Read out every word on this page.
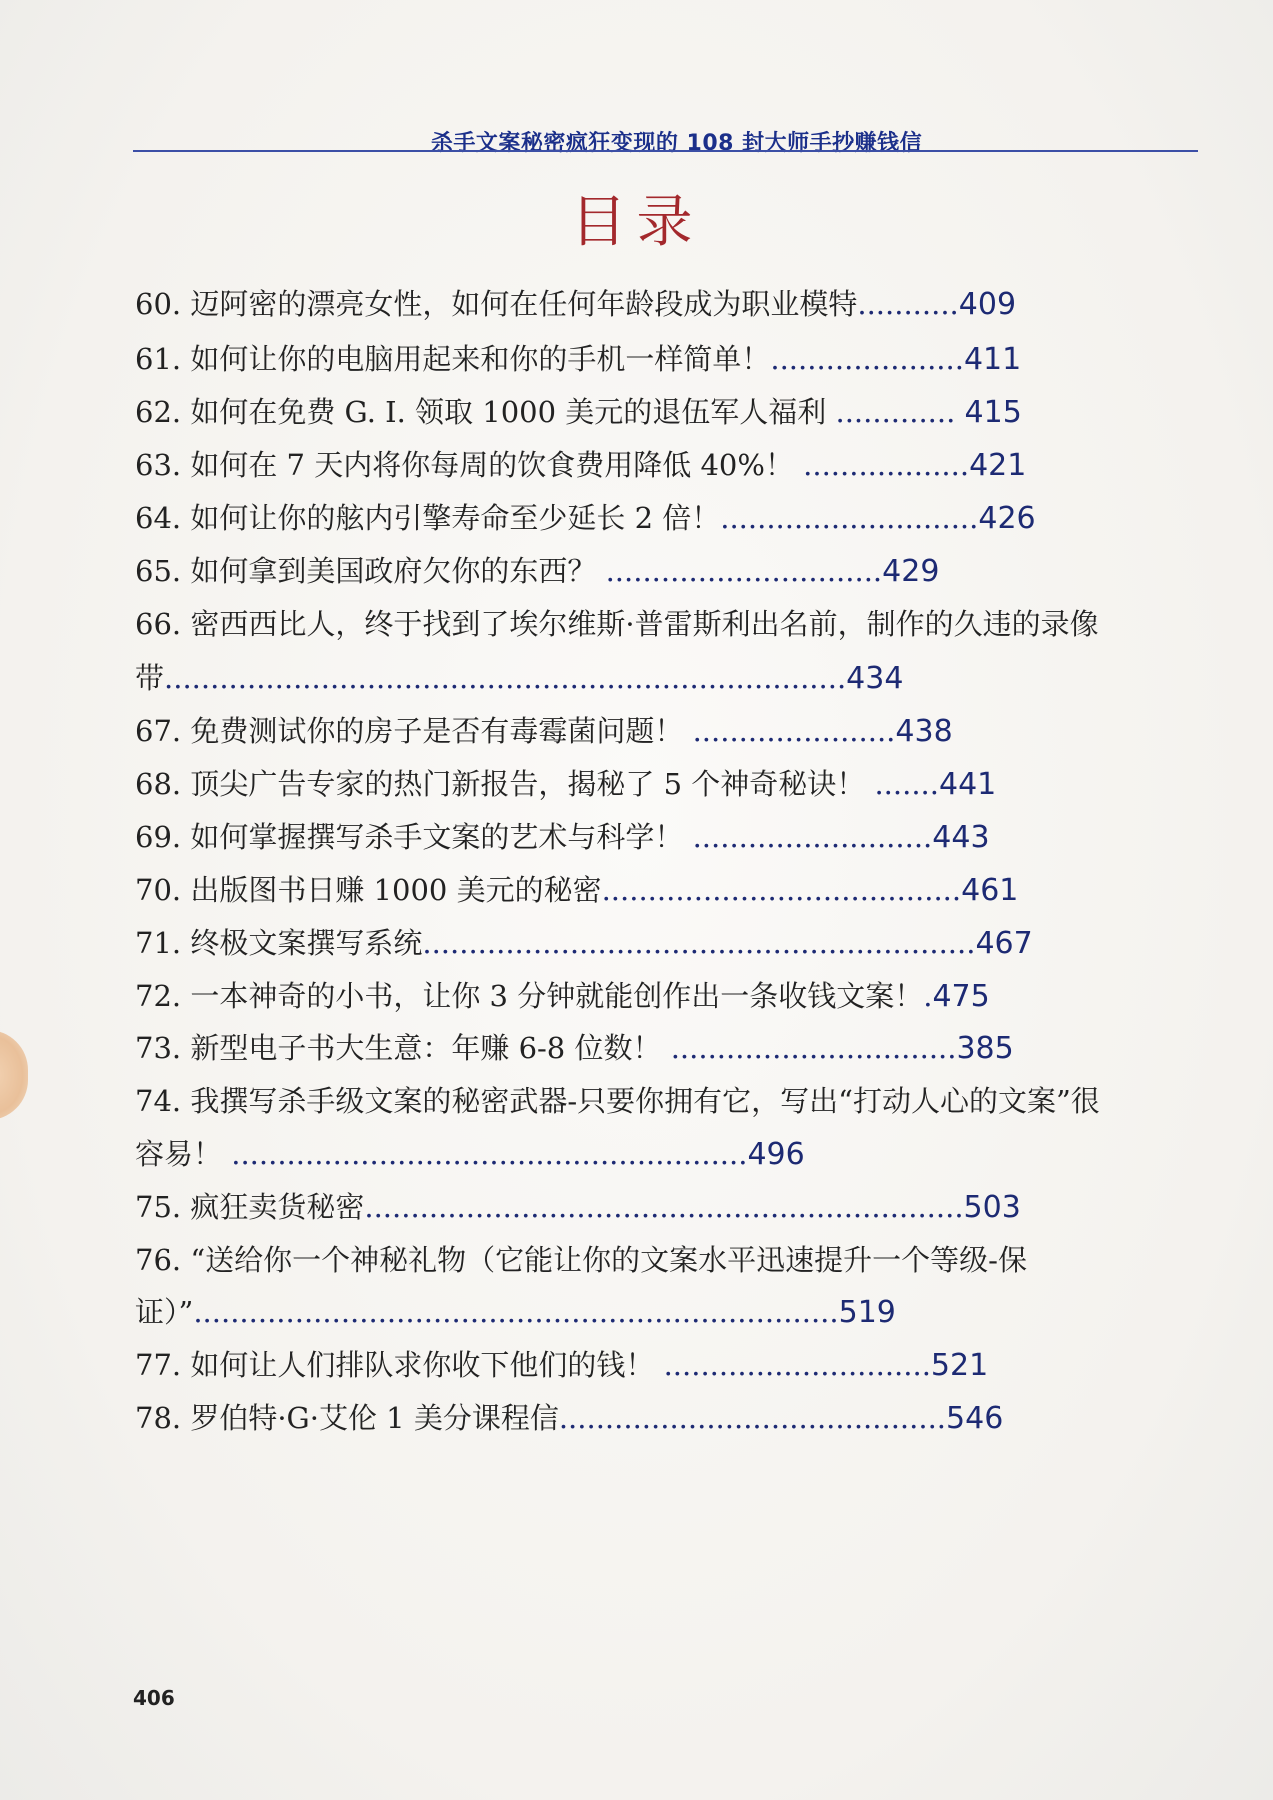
杀手文案秘密疯狂变现的 108 封大师手抄赚钱信
目录
60. 迈阿密的漂亮女性，如何在任何年龄段成为职业模特...........409
61. 如何让你的电脑用起来和你的手机一样简单！.....................411
62. 如何在免费 G. I. 领取 1000 美元的退伍军人福利 ............. 415
63. 如何在 7 天内将你每周的饮食费用降低 40%！ ..................421
64. 如何让你的舷内引擎寿命至少延长 2 倍！............................426
65. 如何拿到美国政府欠你的东西？ ..............................429
66. 密西西比人，终于找到了埃尔维斯·普雷斯利出名前，制作的久违的录像
带..........................................................................434
67. 免费测试你的房子是否有毒霉菌问题！ ......................438
68. 顶尖广告专家的热门新报告，揭秘了 5 个神奇秘诀！ .......441
69. 如何掌握撰写杀手文案的艺术与科学！ ..........................443
70. 出版图书日赚 1000 美元的秘密.......................................461
71. 终极文案撰写系统............................................................467
72. 一本神奇的小书，让你 3 分钟就能创作出一条收钱文案！.475
73. 新型电子书大生意：年赚 6-8 位数！ ...............................385
74. 我撰写杀手级文案的秘密武器-只要你拥有它，写出“打动人心的文案”很
容易！ ........................................................496
75. 疯狂卖货秘密.................................................................503
76. “送给你一个神秘礼物（它能让你的文案水平迅速提升一个等级-保
证）”......................................................................519
77. 如何让人们排队求你收下他们的钱！ .............................521
78. 罗伯特·G·艾伦 1 美分课程信..........................................546
406
